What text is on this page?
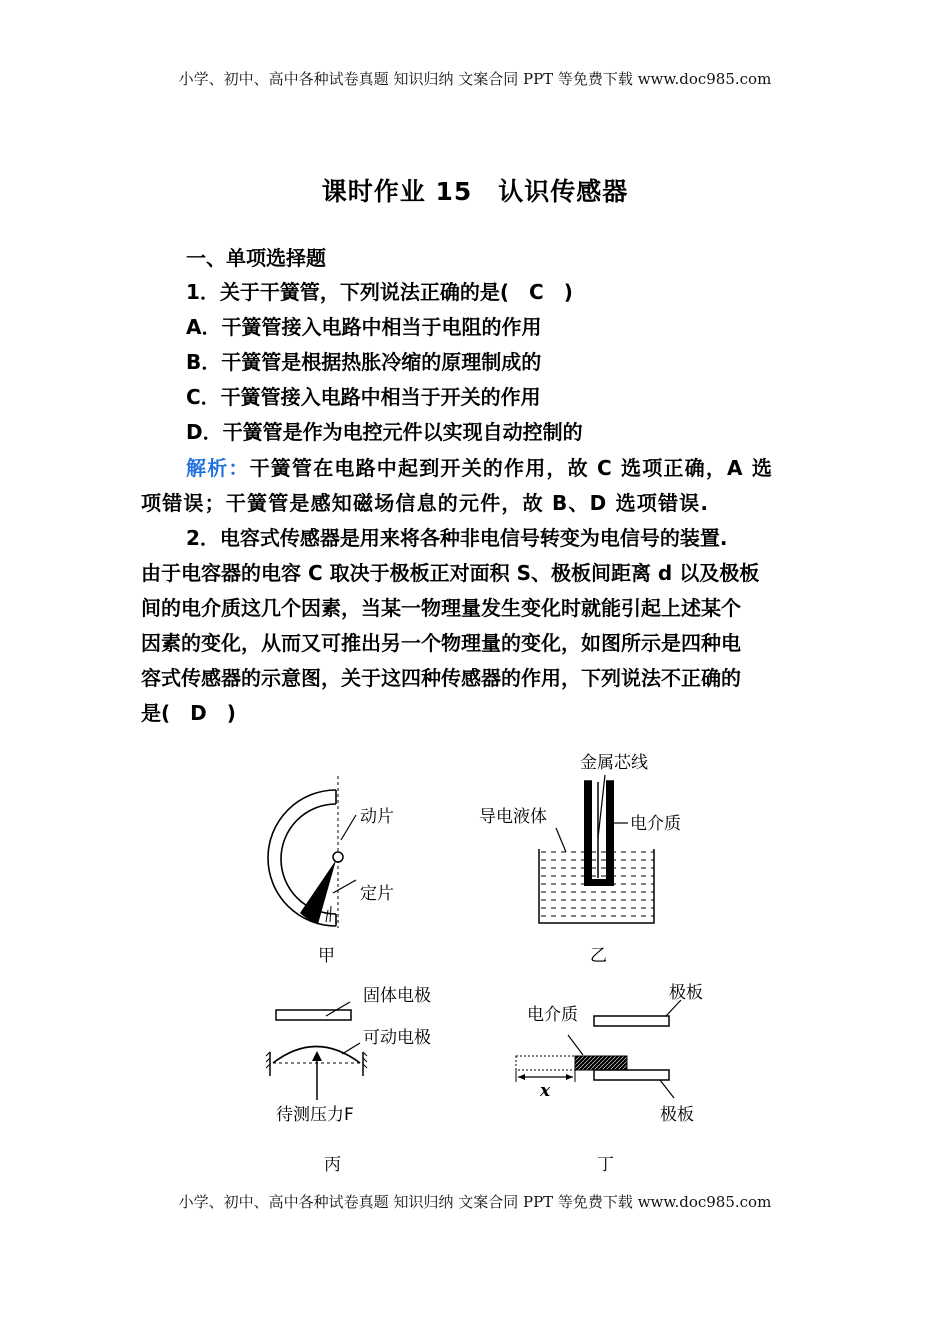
小学、初中、高中各种试卷真题 知识归纳 文案合同 PPT 等免费下载 www.doc985.com
课时作业 15　认识传感器
一、单项选择题
1．关于干簧管，下列说法正确的是(　C　)
A．干簧管接入电路中相当于电阻的作用
B．干簧管是根据热胀冷缩的原理制成的
C．干簧管接入电路中相当于开关的作用
D．干簧管是作为电控元件以实现自动控制的
解析：干簧管在电路中起到开关的作用，故 C 选项正确，A 选
项错误；干簧管是感知磁场信息的元件，故 B、D 选项错误.
2．电容式传感器是用来将各种非电信号转变为电信号的装置.
由于电容器的电容 C 取决于极板正对面积 S、极板间距离 d 以及极板
间的电介质这几个因素，当某一物理量发生变化时就能引起上述某个
因素的变化，从而又可推出另一个物理量的变化，如图所示是四种电
容式传感器的示意图，关于这四种传感器的作用，下列说法不正确的
是(　D　)
动片
定片
甲
金属芯线
导电液体	电介质
乙
固体电极
可动电极
待测压力F
丙
极板
电介质
x
极板
丁
小学、初中、高中各种试卷真题 知识归纳 文案合同 PPT 等免费下载 www.doc985.com
